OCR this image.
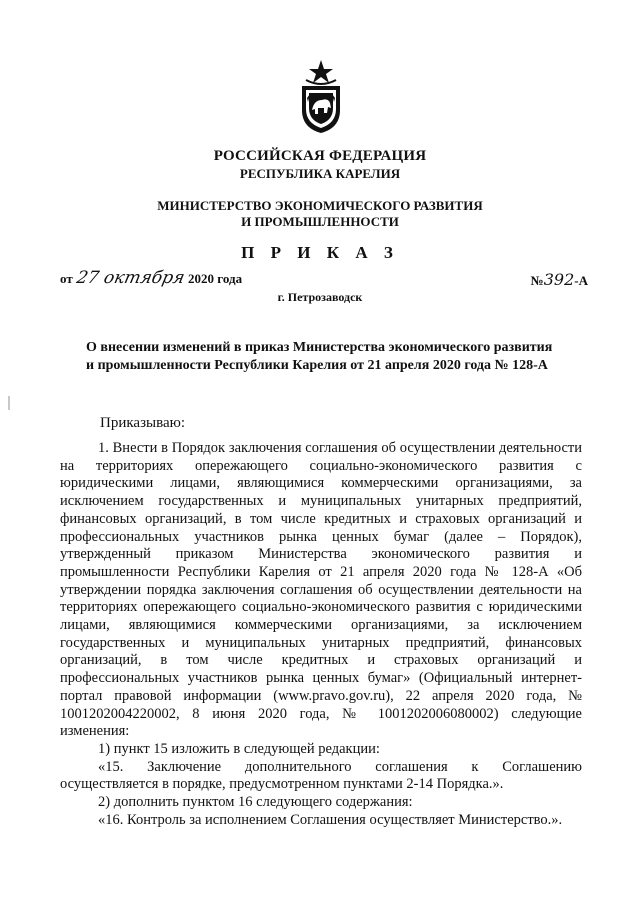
РОССИЙСКАЯ ФЕДЕРАЦИЯ

РЕСПУБЛИКА КАРЕЛИЯ

МИНИСТЕРСТВО ЭКОНОМИЧЕСКОГО РАЗВИТИЯ

И ПРОМЫШЛЕННОСТИ

П Р И К А З

от 27 октября 2020 года	№392-А
г. Петрозаводск
О внесении изменений в приказ Министерства экономического развития
и промышленности Республики Карелия от 21 апреля 2020 года № 128-А
Приказываю:

1. Внести в Порядок заключения соглашения об осуществлении деятельности на территориях опережающего социально-экономического развития с юридическими лицами, являющимися коммерческими организациями, за исключением государственных и муниципальных унитарных предприятий, финансовых организаций, в том числе кредитных и страховых организаций и профессиональных участников рынка ценных бумаг (далее – Порядок), утвержденный приказом Министерства экономического развития и промышленности Республики Карелия от 21 апреля 2020 года № 128-А «Об утверждении порядка заключения соглашения об осуществлении деятельности на территориях опережающего социально-экономического развития с юридическими лицами, являющимися коммерческими организациями, за исключением государственных и муниципальных унитарных предприятий, финансовых организаций, в том числе кредитных и страховых организаций и профессиональных участников рынка ценных бумаг» (Официальный интернет-портал правовой информации (www.pravo.gov.ru), 22 апреля 2020 года, № 1001202004220002, 8 июня 2020 года, № 1001202006080002) следующие изменения:

1) пункт 15 изложить в следующей редакции:

«15. Заключение дополнительного соглашения к Соглашению осуществляется в порядке, предусмотренном пунктами 2-14 Порядка.».

2) дополнить пунктом 16 следующего содержания:

«16. Контроль за исполнением Соглашения осуществляет Министерство.».
